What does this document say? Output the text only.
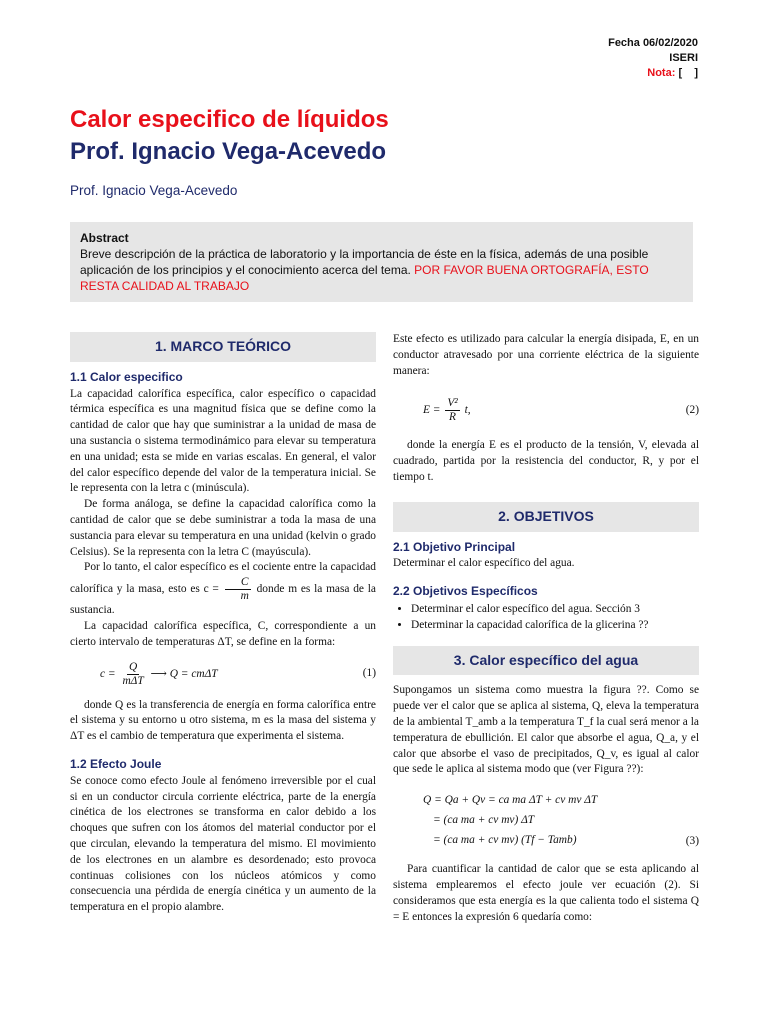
Fecha 06/02/2020
ISERI
Nota: [    ]
Calor especifico de líquidos
Prof. Ignacio Vega-Acevedo
Prof. Ignacio Vega-Acevedo
Abstract
Breve descripción de la práctica de laboratorio y la importancia de éste en la física, además de una posible aplicación de los principios y el conocimiento acerca del tema. POR FAVOR BUENA ORTOGRAFÍA, ESTO RESTA CALIDAD AL TRABAJO
1. MARCO TEÓRICO
1.1 Calor especifico

La capacidad calorífica específica, calor específico o capacidad térmica específica es una magnitud física que se define como la cantidad de calor que hay que suministrar a la unidad de masa de una sustancia o sistema termodinámico para elevar su temperatura en una unidad; esta se mide en varias escalas. En general, el valor del calor específico depende del valor de la temperatura inicial. Se le representa con la letra c (minúscula).

De forma análoga, se define la capacidad calorífica como la cantidad de calor que se debe suministrar a toda la masa de una sustancia para elevar su temperatura en una unidad (kelvin o grado Celsius). Se la representa con la letra C (mayúscula).

Por lo tanto, el calor específico es el cociente entre la capacidad calorífica y la masa, esto es $c = \frac{C}{m}$ donde m es la masa de la sustancia.

La capacidad calorífica específica, C, correspondiente a un cierto intervalo de temperaturas ΔT, se define en la forma:

$c = \frac{Q}{\text{mΔT}}$ ⟶ Q = cmΔT	(1)

donde Q es la transferencia de energía en forma calorífica entre el sistema y su entorno u otro sistema, m es la masa del sistema y ΔT es el cambio de temperatura que experimenta el sistema.

1.2 Efecto Joule

Se conoce como efecto Joule al fenómeno irreversible por el cual si en un conductor circula corriente eléctrica, parte de la energía cinética de los electrones se transforma en calor debido a los choques que sufren con los átomos del material conductor por el que circulan, elevando la temperatura del mismo. El movimiento de los electrones en un alambre es desordenado; esto provoca continuas colisiones con los núcleos atómicos y como consecuencia una pérdida de energía cinética y un aumento de la temperatura en el propio alambre.

Este efecto es utilizado para calcular la energía disipada, E, en un conductor atravesado por una corriente eléctrica de la siguiente manera:

$E = \frac{\text{V²}}{R} t$,	(2)

donde la energía E es el producto de la tensión, V, elevada al cuadrado, partida por la resistencia del conductor, R, y por el tiempo t.

2. OBJETIVOS
2.1 Objetivo Principal

Determinar el calor específico del agua.

2.2 Objetivos Específicos
• Determinar el calor específico del agua. Sección 3
• Determinar la capacidad calorífica de la glicerina ??
3. Calor específico del agua

Supongamos un sistema como muestra la figura ??. Como se puede ver el calor que se aplica al sistema, Q, eleva la temperatura de la ambiental T_amb a la temperatura T_f la cual será menor a la temperatura de ebullición. El calor que absorbe el agua, Q_a, y el calor que absorbe el vaso de precipitados, Q_v, es igual al calor que sede le aplica al sistema modo que (ver Figura ??):

Q = Qa + Qv = ca ma ΔT + cv mv ΔT
= (ca ma + cv mv) ΔT
= (ca ma + cv mv) (Tf − Tamb)	(3)

Para cuantificar la cantidad de calor que se esta aplicando al sistema emplearemos el efecto joule ver ecuación (2). Si consideramos que esta energía es la que calienta todo el sistema Q = E entonces la expresión 6 quedaría como:
